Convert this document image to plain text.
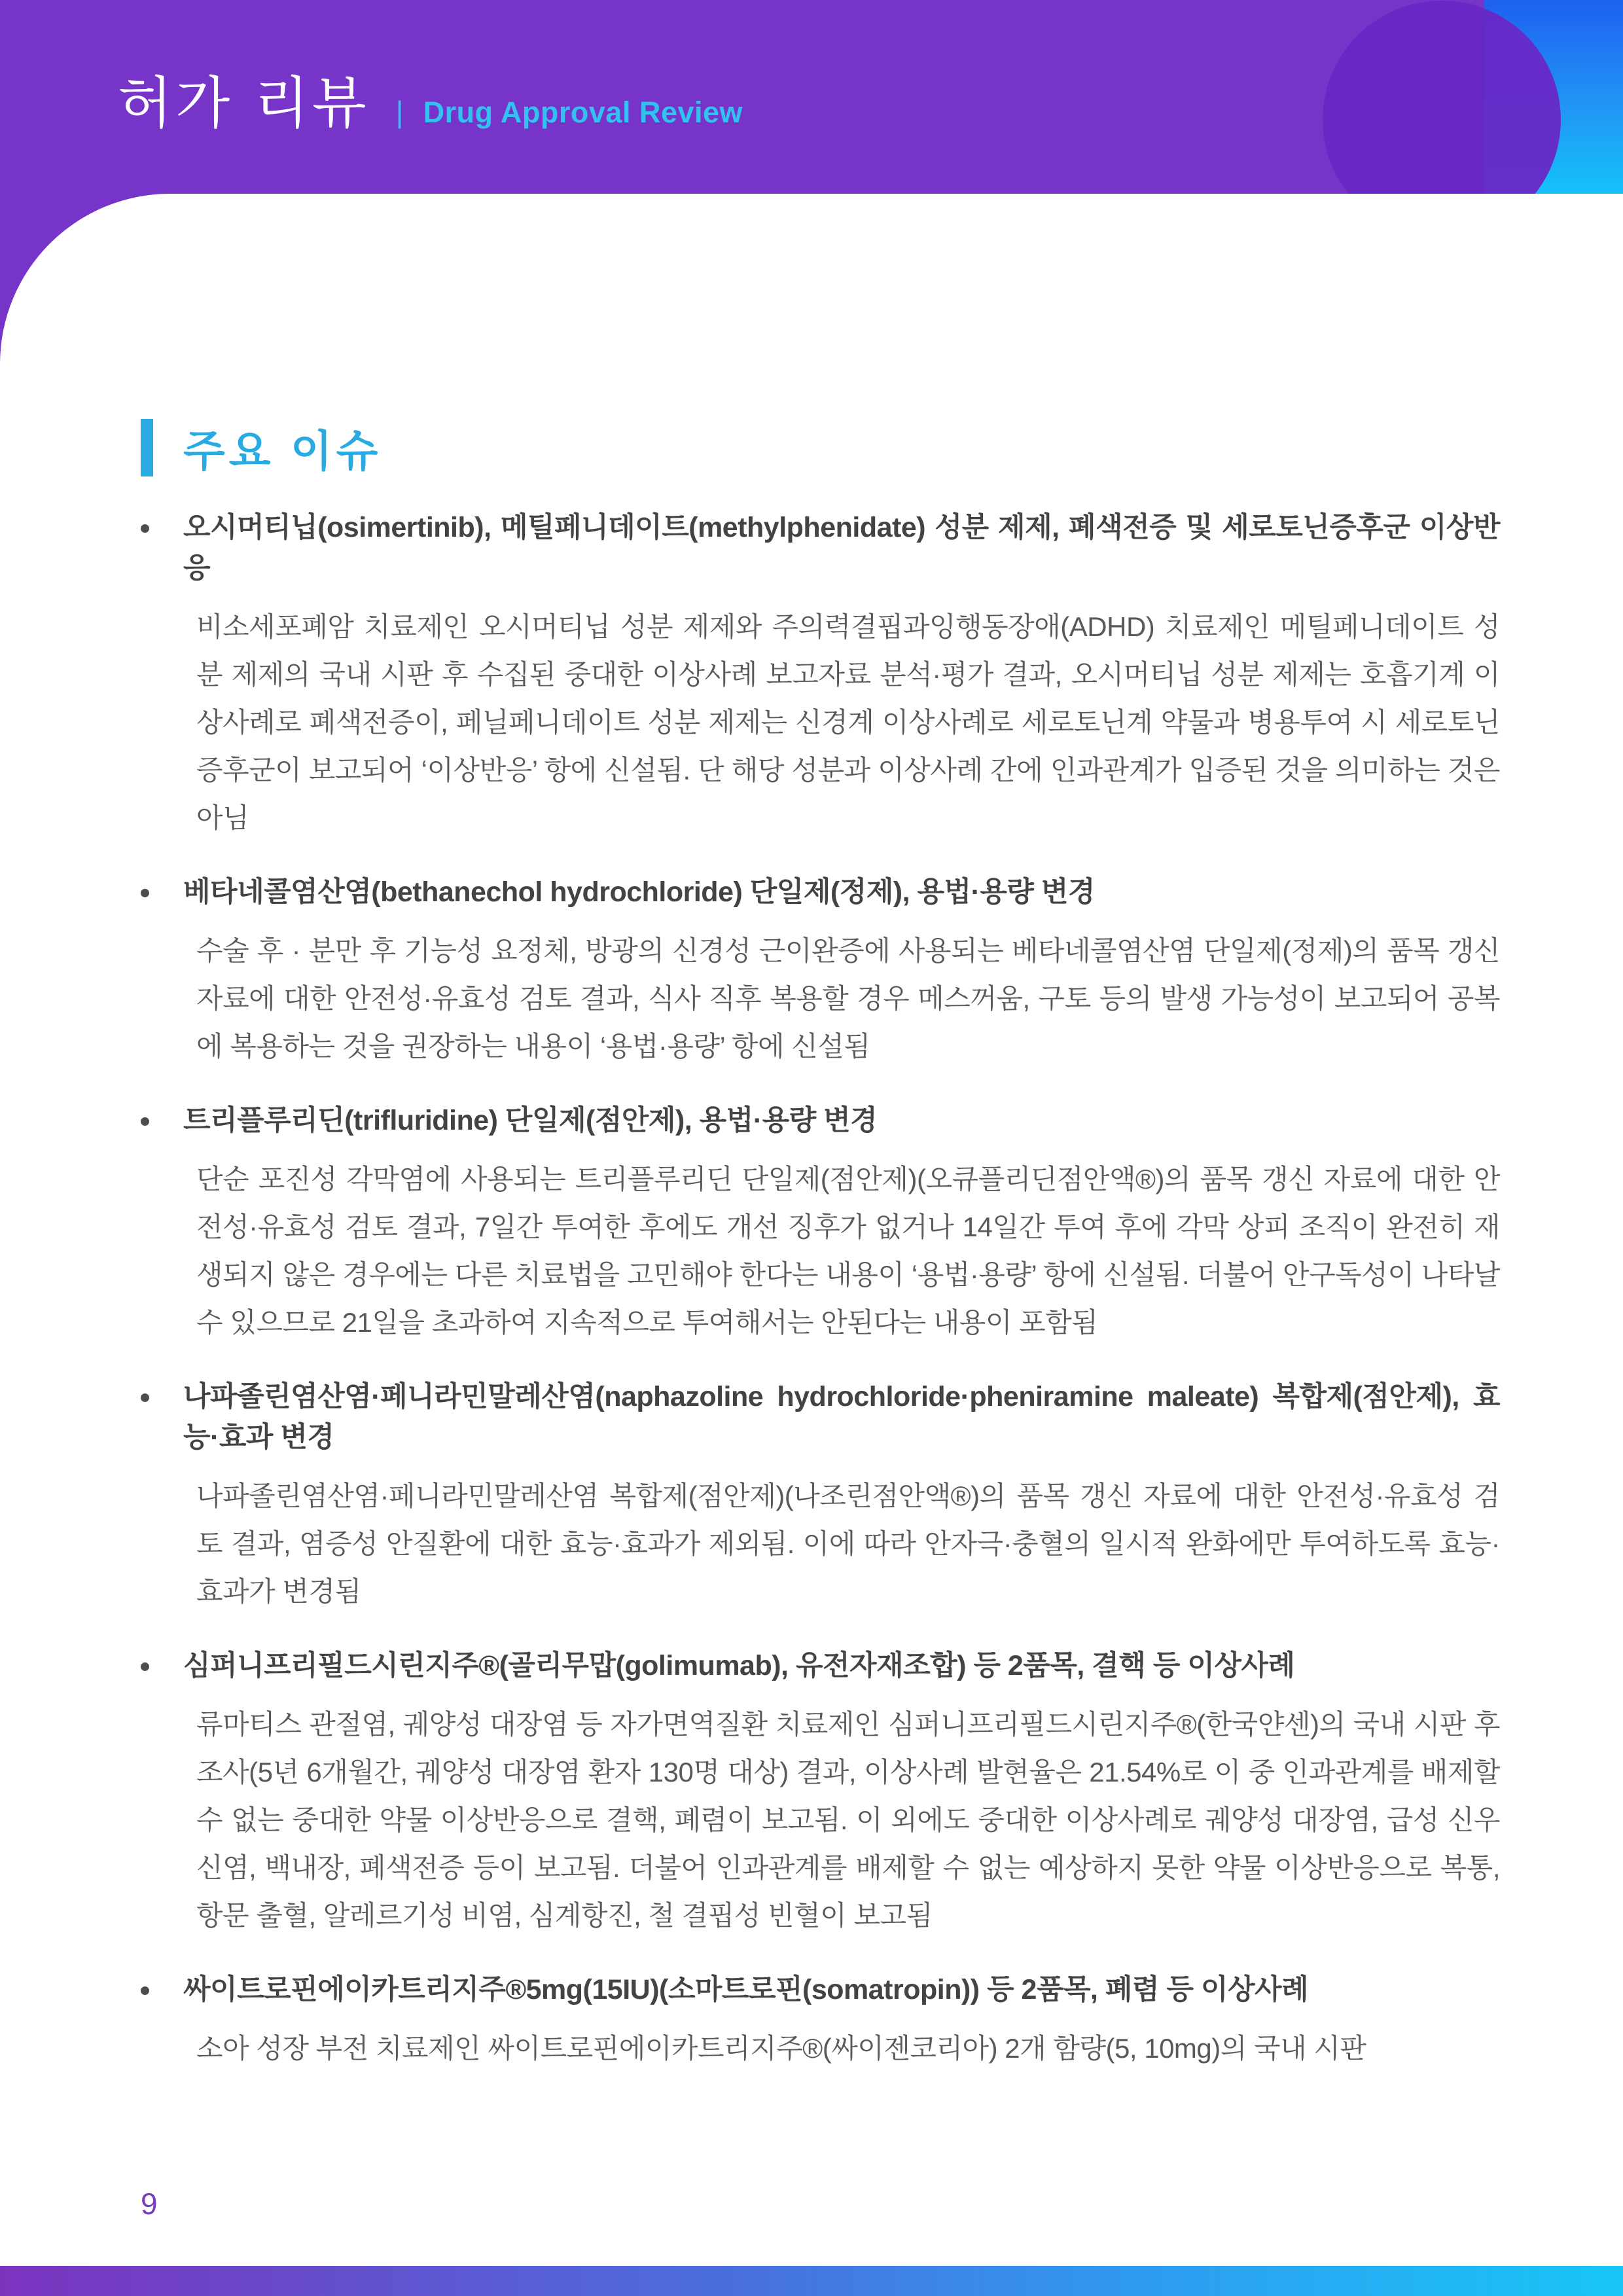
허가 리뷰 | Drug Approval Review
주요 이슈
오시머티닙(osimertinib), 메틸페니데이트(methylphenidate) 성분 제제, 폐색전증 및 세로토닌증후군 이상반응

비소세포폐암 치료제인 오시머티닙 성분 제제와 주의력결핍과잉행동장애(ADHD) 치료제인 메틸페니데이트 성분 제제의 국내 시판 후 수집된 중대한 이상사례 보고자료 분석·평가 결과, 오시머티닙 성분 제제는 호흡기계 이상사례로 폐색전증이, 페닐페니데이트 성분 제제는 신경계 이상사례로 세로토닌계 약물과 병용투여 시 세로토닌증후군이 보고되어 ‘이상반응’ 항에 신설됨. 단 해당 성분과 이상사례 간에 인과관계가 입증된 것을 의미하는 것은 아님

베타네콜염산염(bethanechol hydrochloride) 단일제(정제), 용법·용량 변경

수술 후 · 분만 후 기능성 요정체, 방광의 신경성 근이완증에 사용되는 베타네콜염산염 단일제(정제)의 품목 갱신 자료에 대한 안전성·유효성 검토 결과, 식사 직후 복용할 경우 메스꺼움, 구토 등의 발생 가능성이 보고되어 공복에 복용하는 것을 권장하는 내용이 ‘용법·용량’ 항에 신설됨

트리플루리딘(trifluridine) 단일제(점안제), 용법·용량 변경

단순 포진성 각막염에 사용되는 트리플루리딘 단일제(점안제)(오큐플리딘점안액®)의 품목 갱신 자료에 대한 안전성·유효성 검토 결과, 7일간 투여한 후에도 개선 징후가 없거나 14일간 투여 후에 각막 상피 조직이 완전히 재생되지 않은 경우에는 다른 치료법을 고민해야 한다는 내용이 ‘용법·용량’ 항에 신설됨. 더불어 안구독성이 나타날 수 있으므로 21일을 초과하여 지속적으로 투여해서는 안된다는 내용이 포함됨

나파졸린염산염·페니라민말레산염(naphazoline hydrochloride·pheniramine maleate) 복합제(점안제), 효능·효과 변경

나파졸린염산염·페니라민말레산염 복합제(점안제)(나조린점안액®)의 품목 갱신 자료에 대한 안전성·유효성 검토 결과, 염증성 안질환에 대한 효능·효과가 제외됨. 이에 따라 안자극·충혈의 일시적 완화에만 투여하도록 효능·효과가 변경됨

심퍼니프리필드시린지주®(골리무맙(golimumab), 유전자재조합) 등 2품목, 결핵 등 이상사례

류마티스 관절염, 궤양성 대장염 등 자가면역질환 치료제인 심퍼니프리필드시린지주®(한국얀센)의 국내 시판 후 조사(5년 6개월간, 궤양성 대장염 환자 130명 대상) 결과, 이상사례 발현율은 21.54%로 이 중 인과관계를 배제할 수 없는 중대한 약물 이상반응으로 결핵, 폐렴이 보고됨. 이 외에도 중대한 이상사례로 궤양성 대장염, 급성 신우신염, 백내장, 폐색전증 등이 보고됨. 더불어 인과관계를 배제할 수 없는 예상하지 못한 약물 이상반응으로 복통, 항문 출혈, 알레르기성 비염, 심계항진, 철 결핍성 빈혈이 보고됨

싸이트로핀에이카트리지주®5mg(15IU)(소마트로핀(somatropin)) 등 2품목, 폐렴 등 이상사례

소아 성장 부전 치료제인 싸이트로핀에이카트리지주®(싸이젠코리아) 2개 함량(5, 10mg)의 국내 시판

9
